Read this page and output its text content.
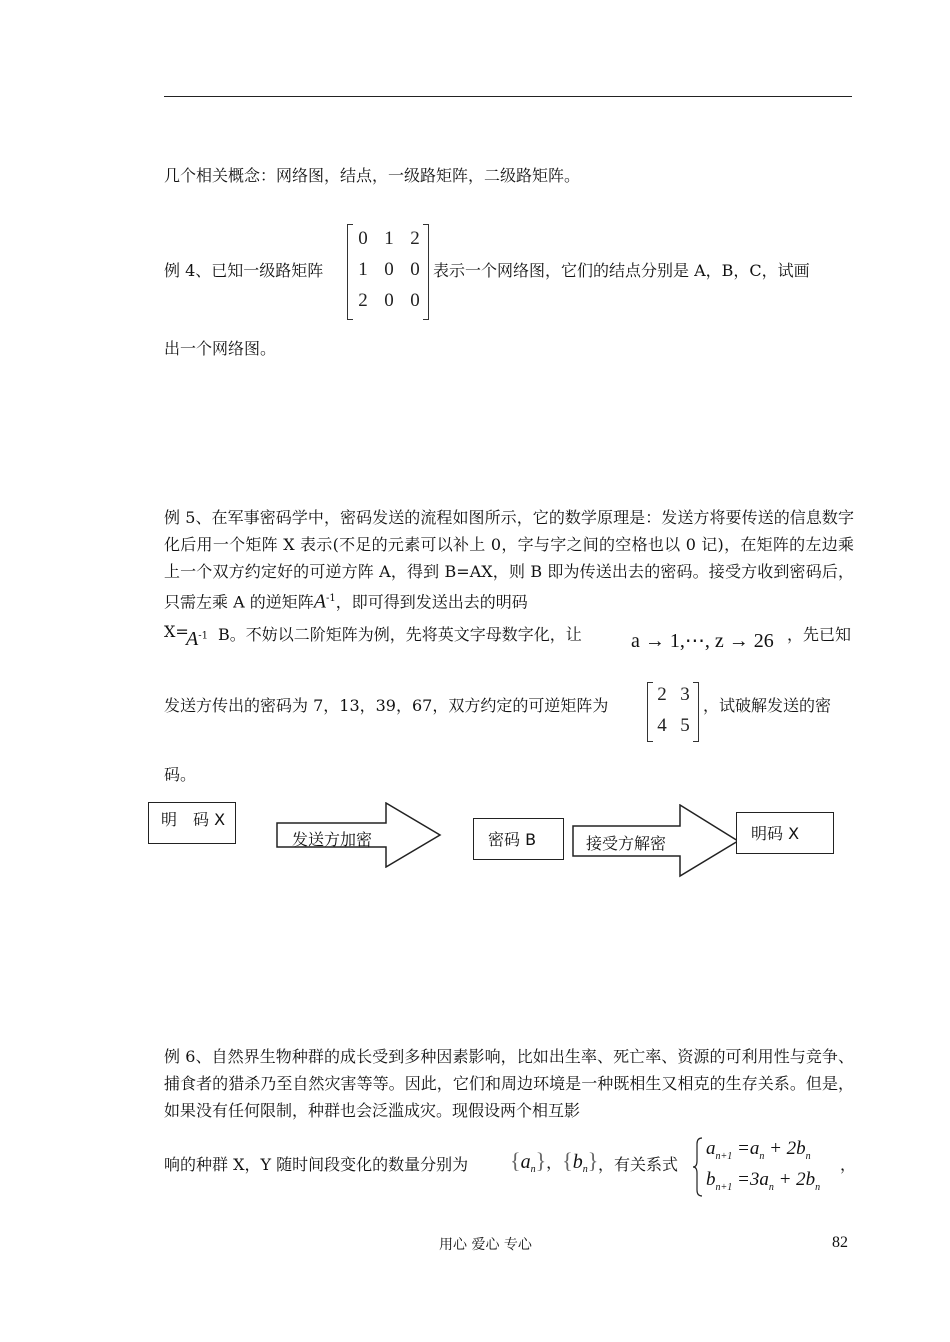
几个相关概念：网络图，结点，一级路矩阵，二级路矩阵。
例 4、已知一级路矩阵
0 1 2
1 0 0
2 0 0
表示一个网络图，它们的结点分别是 A，B，C，试画
出一个网络图。
例 5、在军事密码学中，密码发送的流程如图所示，它的数学原理是：发送方将要传送的信息数字化后用一个矩阵 X 表示(不足的元素可以补上 0，字与字之间的空格也以 0 记)，在矩阵的左边乘上一个双方约定好的可逆方阵 A，得到 B=AX，则 B 即为传送出去的密码。接受方收到密码后，只需左乘 A 的逆矩阵$A^{-1}$，即可得到发送出去的明码
X=
$A^{-1}$ B。不妨以二阶矩阵为例，先将英文字母数字化，让 a → 1,⋯, z → 26 ，先已知
发送方传出的密码为 7，13，39，67，双方约定的可逆矩阵为
2 3
4 5
，试破解发送的密
码。
明　码 X
发送方加密	密码 B	接受方解密
明码 X
例 6、自然界生物种群的成长受到多种因素影响，比如出生率、死亡率、资源的可利用性与竞争、捕食者的猎杀乃至自然灾害等等。因此，它们和周边环境是一种既相生又相克的生存关系。但是，如果没有任何限制，种群也会泛滥成灾。现假设两个相互影
响的种群 X，Y 随时间段变化的数量分别为 $\{a_n\}$，$\{b_n\}$ ，有关系式
$a_{n+1} =a_n + 2b_n$
$b_{n+1} =3a_n + 2b_n$
，
用心 爱心 专心	82
